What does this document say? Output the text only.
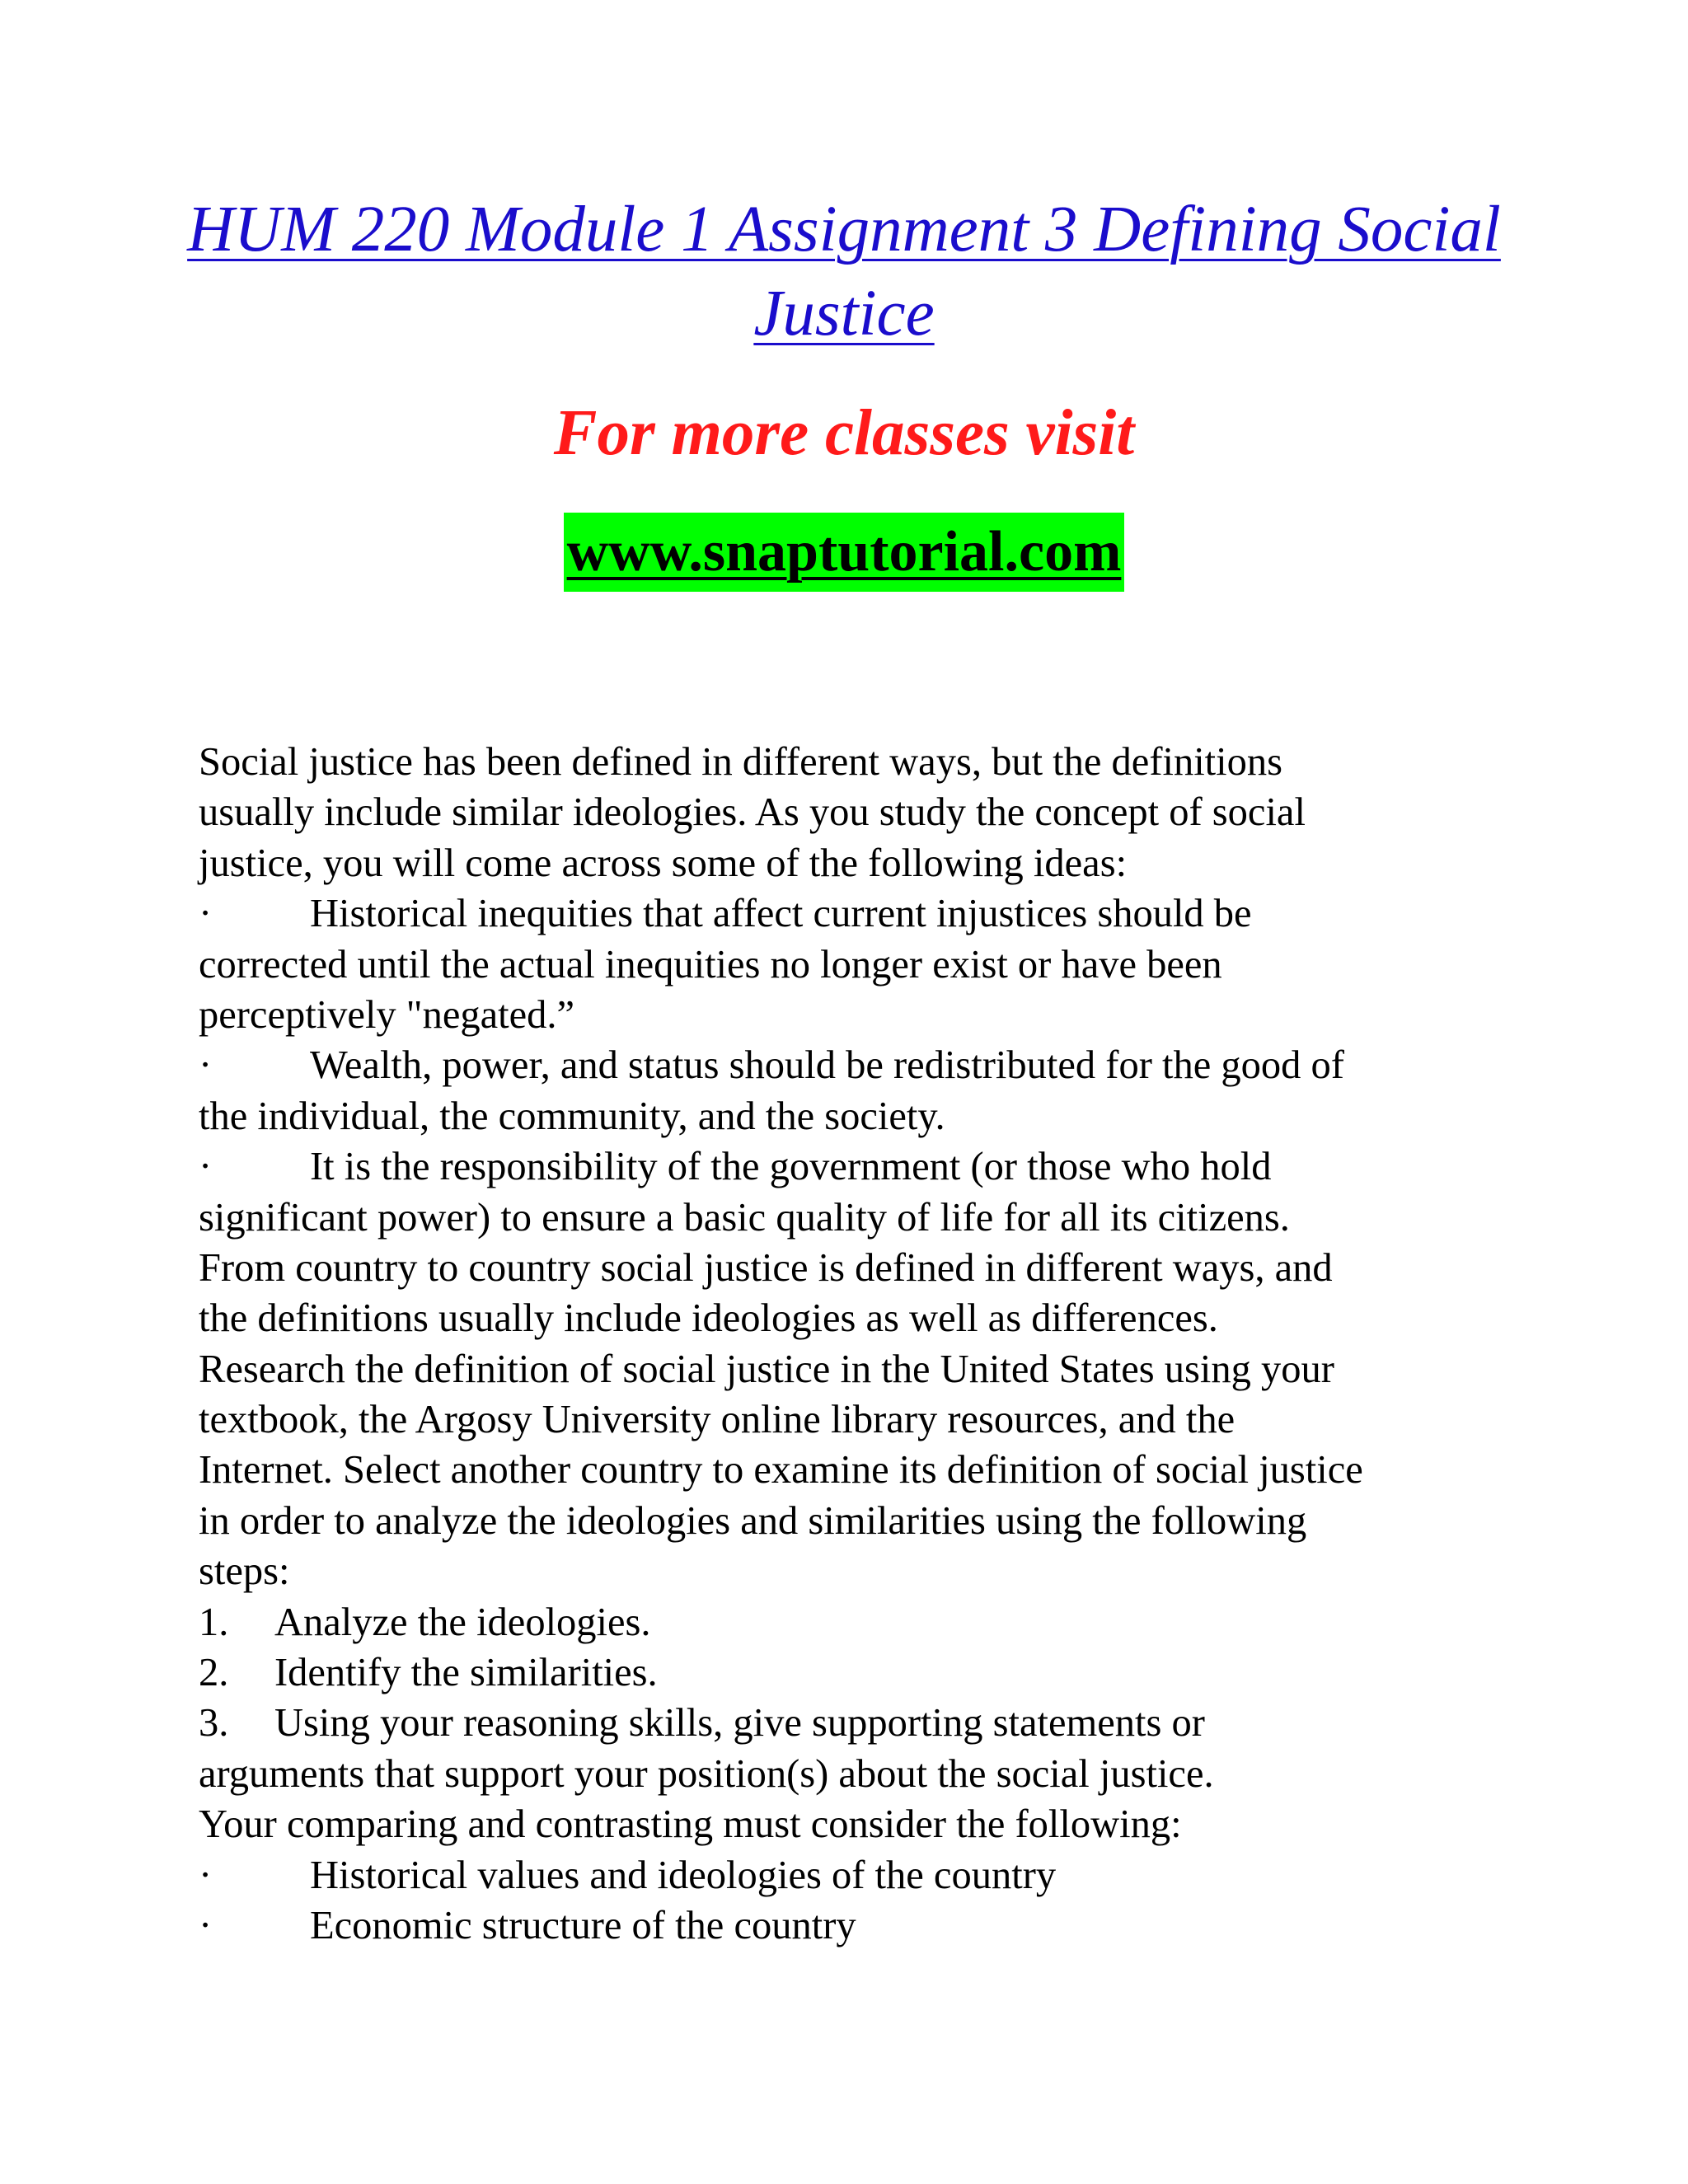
HUM 220 Module 1 Assignment 3 Defining Social Justice
For more classes visit
www.snaptutorial.com
Social justice has been defined in different ways, but the definitions
usually include similar ideologies. As you study the concept of social
justice, you will come across some of the following ideas:
· Historical inequities that affect current injustices should be
corrected until the actual inequities no longer exist or have been
perceptively "negated.”
· Wealth, power, and status should be redistributed for the good of
the individual, the community, and the society.
· It is the responsibility of the government (or those who hold
significant power) to ensure a basic quality of life for all its citizens.
From country to country social justice is defined in different ways, and
the definitions usually include ideologies as well as differences.
Research the definition of social justice in the United States using your
textbook, the Argosy University online library resources, and the
Internet. Select another country to examine its definition of social justice
in order to analyze the ideologies and similarities using the following
steps:
1. Analyze the ideologies.
2. Identify the similarities.
3. Using your reasoning skills, give supporting statements or
arguments that support your position(s) about the social justice.
Your comparing and contrasting must consider the following:
· Historical values and ideologies of the country
· Economic structure of the country
